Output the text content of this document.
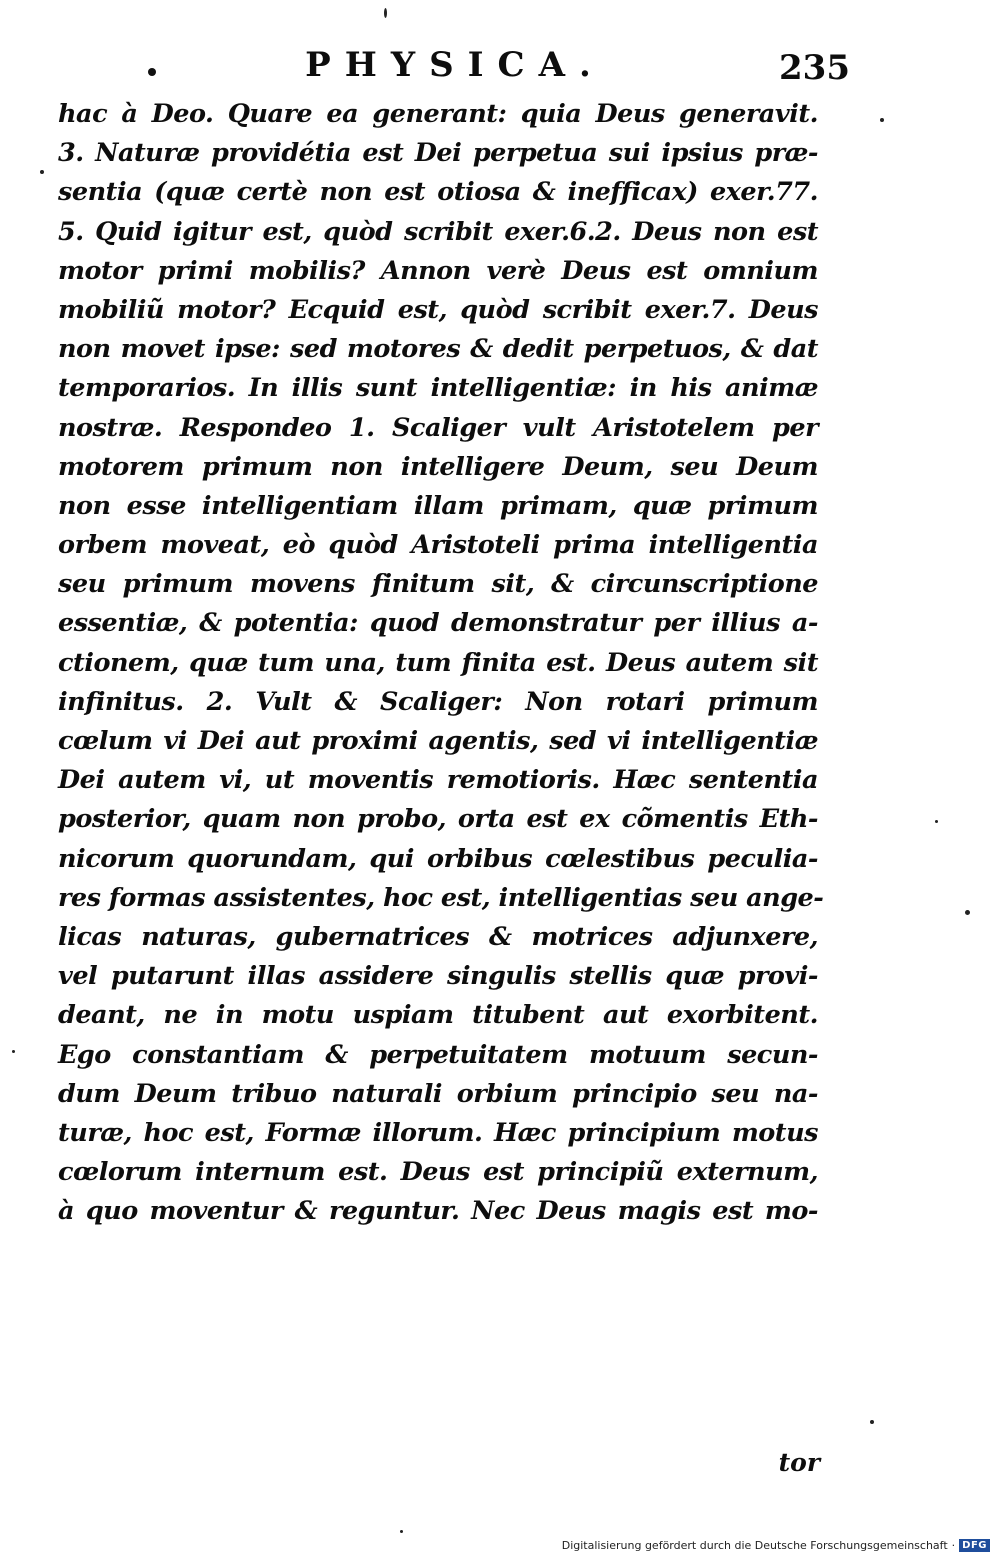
PHYSICA.	235
hac à Deo. Quare ea generant: quia Deus generavit.
3. Naturæ providétia est Dei perpetua sui ipsius præ-
sentia (quæ certè non est otiosa & inefficax) exer.77.
5. Quid igitur est, quòd scribit exer.6.2. Deus non est
motor primi mobilis? Annon verè Deus est omnium
mobiliũ motor? Ecquid est, quòd scribit exer.7. Deus
non movet ipse: sed motores & dedit perpetuos, & dat
temporarios. In illis sunt intelligentiæ: in his animæ
nostræ. Respondeo 1. Scaliger vult Aristotelem per
motorem primum non intelligere Deum, seu Deum
non esse intelligentiam illam primam, quæ primum
orbem moveat, eò quòd Aristoteli prima intelligentia
seu primum movens finitum sit, & circunscriptione
essentiæ, & potentia: quod demonstratur per illius a-
ctionem, quæ tum una, tum finita est. Deus autem sit
infinitus. 2. Vult & Scaliger: Non rotari primum
cœlum vi Dei aut proximi agentis, sed vi intelligentiæ
Dei autem vi, ut moventis remotioris. Hæc sententia
posterior, quam non probo, orta est ex cõmentis Eth-
nicorum quorundam, qui orbibus cœlestibus peculia-
res formas assistentes, hoc est, intelligentias seu ange-
licas naturas, gubernatrices & motrices adjunxere,
vel putarunt illas assidere singulis stellis quæ provi-
deant, ne in motu uspiam titubent aut exorbitent.
Ego constantiam & perpetuitatem motuum secun-
dum Deum tribuo naturali orbium principio seu na-
turæ, hoc est, Formæ illorum. Hæc principium motus
cœlorum internum est. Deus est principiũ externum,
à quo moventur & reguntur. Nec Deus magis est mo-
tor
Digitalisierung gefördert durch die Deutsche Forschungsgemeinschaft · DFG
